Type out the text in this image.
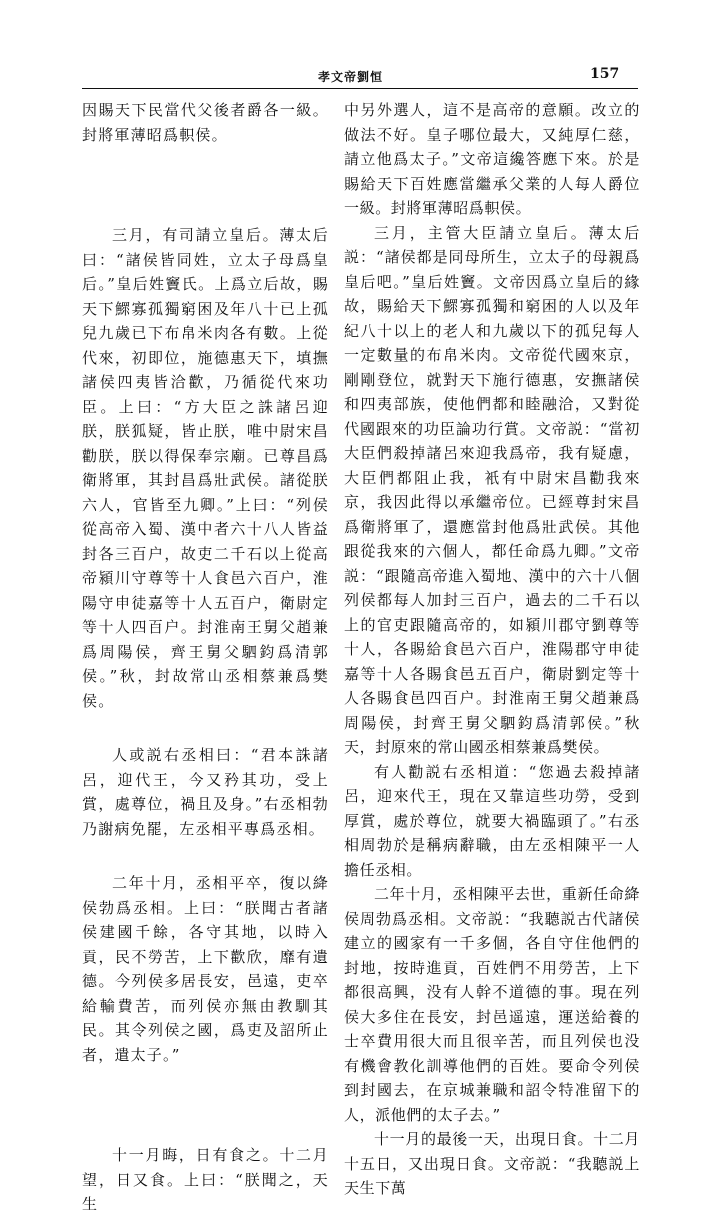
孝文帝劉恒	157

因賜天下民當代父後者爵各一級。封將軍薄昭爲軹侯。

三月，有司請立皇后。薄太后曰：“諸侯皆同姓，立太子母爲皇后。”皇后姓竇氏。上爲立后故，賜天下鰥寡孤獨窮困及年八十已上孤兒九歲已下布帛米肉各有數。上從代來，初即位，施德惠天下，填撫諸侯四夷皆洽歡，乃循從代來功臣。上曰：“方大臣之誅諸呂迎朕，朕狐疑，皆止朕，唯中尉宋昌勸朕，朕以得保奉宗廟。已尊昌爲衛將軍，其封昌爲壯武侯。諸從朕六人，官皆至九卿。”上曰：“列侯從高帝入蜀、漢中者六十八人皆益封各三百户，故吏二千石以上從高帝潁川守尊等十人食邑六百户，淮陽守申徒嘉等十人五百户，衛尉定等十人四百户。封淮南王舅父趙兼爲周陽侯，齊王舅父駟鈞爲清郭侯。”秋，封故常山丞相蔡兼爲樊侯。

人或説右丞相曰：“君本誅諸呂，迎代王，今又矜其功，受上賞，處尊位，禍且及身。”右丞相勃乃謝病免罷，左丞相平專爲丞相。

二年十月，丞相平卒，復以絳侯勃爲丞相。上曰：“朕聞古者諸侯建國千餘，各守其地，以時入貢，民不勞苦，上下歡欣，靡有遺德。今列侯多居長安，邑遠，吏卒給輸費苦，而列侯亦無由教馴其民。其令列侯之國，爲吏及詔所止者，遣太子。”

十一月晦，日有食之。十二月望，日又食。上曰：“朕聞之，天生

中另外選人，這不是高帝的意願。改立的做法不好。皇子哪位最大，又純厚仁慈，請立他爲太子。”文帝這纔答應下來。於是賜給天下百姓應當繼承父業的人每人爵位一級。封將軍薄昭爲軹侯。

三月，主管大臣請立皇后。薄太后説：“諸侯都是同母所生，立太子的母親爲皇后吧。”皇后姓竇。文帝因爲立皇后的緣故，賜給天下鰥寡孤獨和窮困的人以及年紀八十以上的老人和九歲以下的孤兒每人一定數量的布帛米肉。文帝從代國來京，剛剛登位，就對天下施行德惠，安撫諸侯和四夷部族，使他們都和睦融洽，又對從代國跟來的功臣論功行賞。文帝説：“當初大臣們殺掉諸呂來迎我爲帝，我有疑慮，大臣們都阻止我，衹有中尉宋昌勸我來京，我因此得以承繼帝位。已經尊封宋昌爲衛將軍了，還應當封他爲壯武侯。其他跟從我來的六個人，都任命爲九卿。”文帝説：“跟隨高帝進入蜀地、漢中的六十八個列侯都每人加封三百户，過去的二千石以上的官吏跟隨高帝的，如潁川郡守劉尊等十人，各賜給食邑六百户，淮陽郡守申徒嘉等十人各賜食邑五百户，衛尉劉定等十人各賜食邑四百户。封淮南王舅父趙兼爲周陽侯，封齊王舅父駟鈞爲清郭侯。”秋天，封原來的常山國丞相蔡兼爲樊侯。

有人勸説右丞相道：“您過去殺掉諸呂，迎來代王，現在又靠這些功勞，受到厚賞，處於尊位，就要大禍臨頭了。”右丞相周勃於是稱病辭職，由左丞相陳平一人擔任丞相。

二年十月，丞相陳平去世，重新任命絳侯周勃爲丞相。文帝説：“我聽説古代諸侯建立的國家有一千多個，各自守住他們的封地，按時進貢，百姓們不用勞苦，上下都很高興，没有人幹不道德的事。現在列侯大多住在長安，封邑遥遠，運送給養的士卒費用很大而且很辛苦，而且列侯也没有機會教化訓導他們的百姓。要命令列侯到封國去，在京城兼職和詔令特准留下的人，派他們的太子去。”

十一月的最後一天，出現日食。十二月十五日，又出現日食。文帝説：“我聽説上天生下萬
